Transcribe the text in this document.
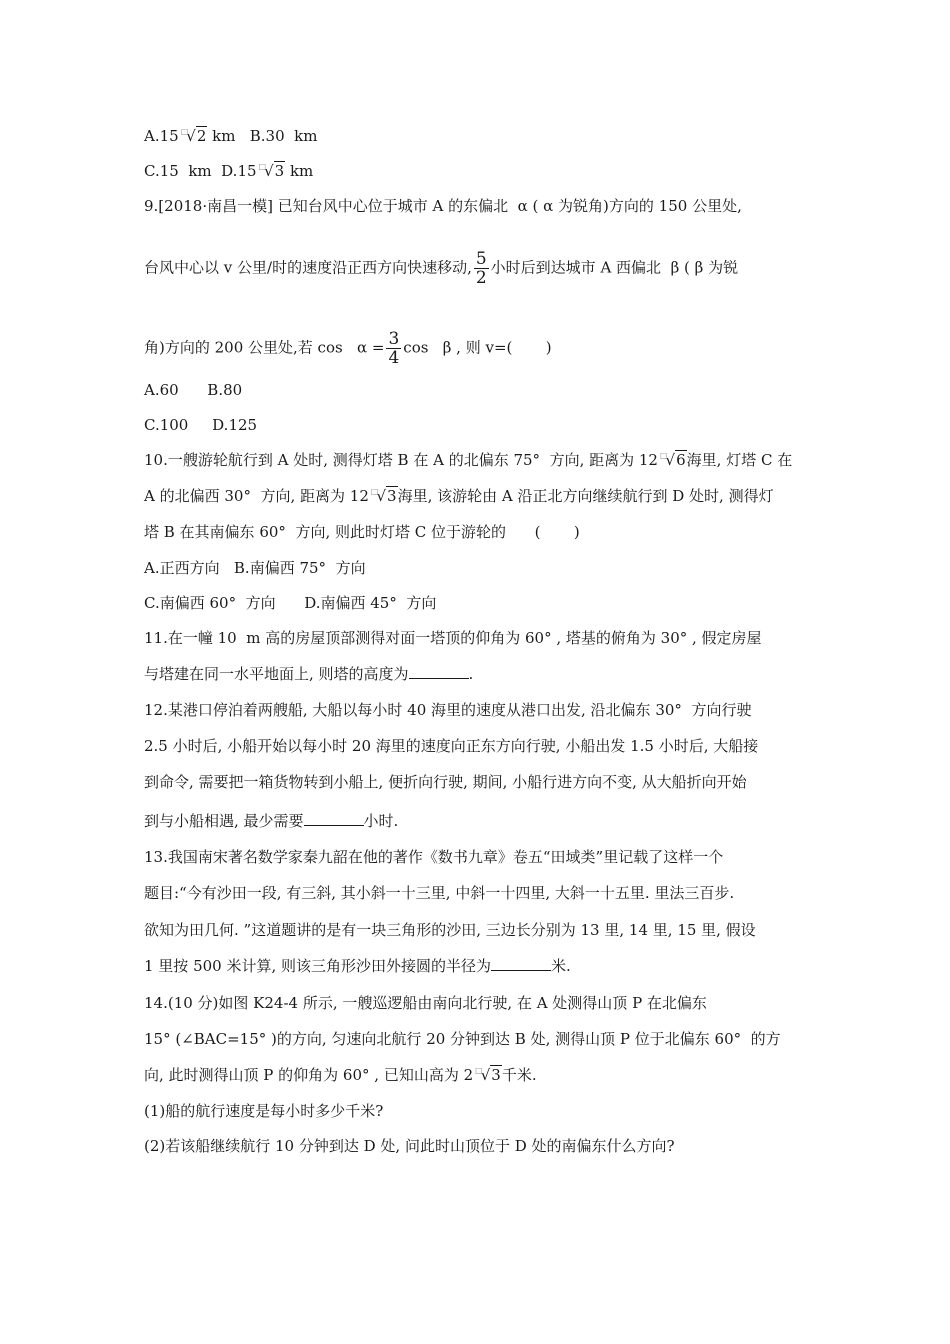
A.15 □√2 km   B.30  km
C.15  km  D.15 □√3 km
9.[2018·南昌一模] 已知台风中心位于城市 A 的东偏北  α ( α 为锐角)方向的 150 公里处,
台风中心以 v 公里/时的速度沿正西方向快速移动, $\frac{5}{2}$ 小时后到达城市 A 西偏北  β ( β 为锐
角)方向的 200 公里处,若 $\cos \alpha = \frac{3}{4}$ cos   β , 则 v=(       )
A.60      B.80
C.100     D.125
10.一艘游轮航行到 A 处时, 测得灯塔 B 在 A 的北偏东 75°  方向, 距离为 12 □√6海里, 灯塔 C 在
A 的北偏西 30°  方向, 距离为 12 □√3海里, 该游轮由 A 沿正北方向继续航行到 D 处时, 测得灯
塔 B 在其南偏东 60°  方向, 则此时灯塔 C 位于游轮的      (       )
A.正西方向   B.南偏西 75°  方向
C.南偏西 60°  方向      D.南偏西 45°  方向
11.在一幢 10  m 高的房屋顶部测得对面一塔顶的仰角为 60° , 塔基的俯角为 30° , 假定房屋
与塔建在同一水平地面上, 则塔的高度为	.
12.某港口停泊着两艘船, 大船以每小时 40 海里的速度从港口出发, 沿北偏东 30°  方向行驶
2.5 小时后, 小船开始以每小时 20 海里的速度向正东方向行驶, 小船出发 1.5 小时后, 大船接
到命令, 需要把一箱货物转到小船上, 便折向行驶, 期间, 小船行进方向不变, 从大船折向开始
到与小船相遇, 最少需要	小时.
13.我国南宋著名数学家秦九韶在他的著作《数书九章》卷五“田域类”里记载了这样一个
题目:“今有沙田一段, 有三斜, 其小斜一十三里, 中斜一十四里, 大斜一十五里. 里法三百步.
欲知为田几何. ”这道题讲的是有一块三角形的沙田, 三边长分别为 13 里, 14 里, 15 里, 假设
1 里按 500 米计算, 则该三角形沙田外接圆的半径为	米.
14.(10 分)如图 K24-4 所示, 一艘巡逻船由南向北行驶, 在 A 处测得山顶 P 在北偏东
15° (∠BAC=15° )的方向, 匀速向北航行 20 分钟到达 B 处, 测得山顶 P 位于北偏东 60°  的方
向, 此时测得山顶 P 的仰角为 60° , 已知山高为 2 □√3千米.
(1)船的航行速度是每小时多少千米?
(2)若该船继续航行 10 分钟到达 D 处, 问此时山顶位于 D 处的南偏东什么方向?
